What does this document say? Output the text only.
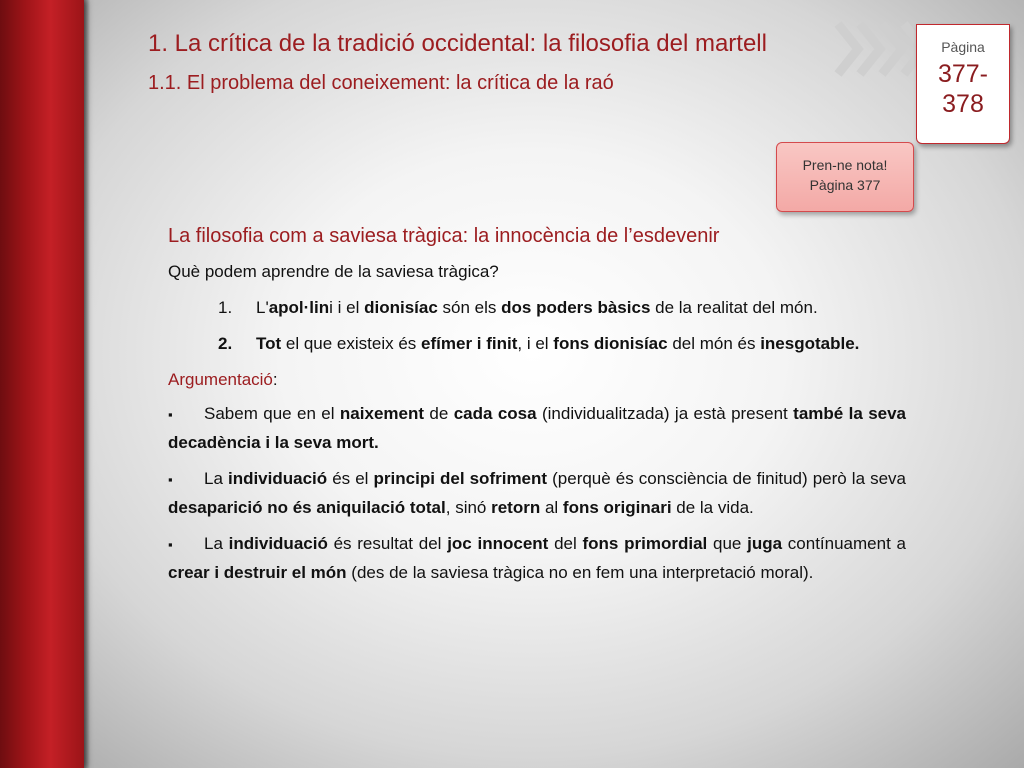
1. La crítica de la tradició occidental: la filosofia del martell
1.1. El problema del coneixement: la crítica de la raó
Pàgina
377-
378
Pren-ne nota!
Pàgina 377
La filosofia com a saviesa tràgica: la innocència de l’esdevenir
Què podem aprendre de la saviesa tràgica?
1.	L'apol·lini i el dionisíac són els dos poders bàsics de la realitat del món.
2.	Tot el que existeix és efímer i finit, i el fons dionisíac del món és inesgotable.
Argumentació:
▪ Sabem que en el naixement de cada cosa (individualitzada) ja està present també la seva decadència i la seva mort.
▪ La individuació és el principi del sofriment (perquè és consciència de finitud) però la seva desaparició no és aniquilació total, sinó retorn al fons originari de la vida.
▪ La individuació és resultat del joc innocent del fons primordial que juga contínuament a crear i destruir el món (des de la saviesa tràgica no en fem una interpretació moral).
